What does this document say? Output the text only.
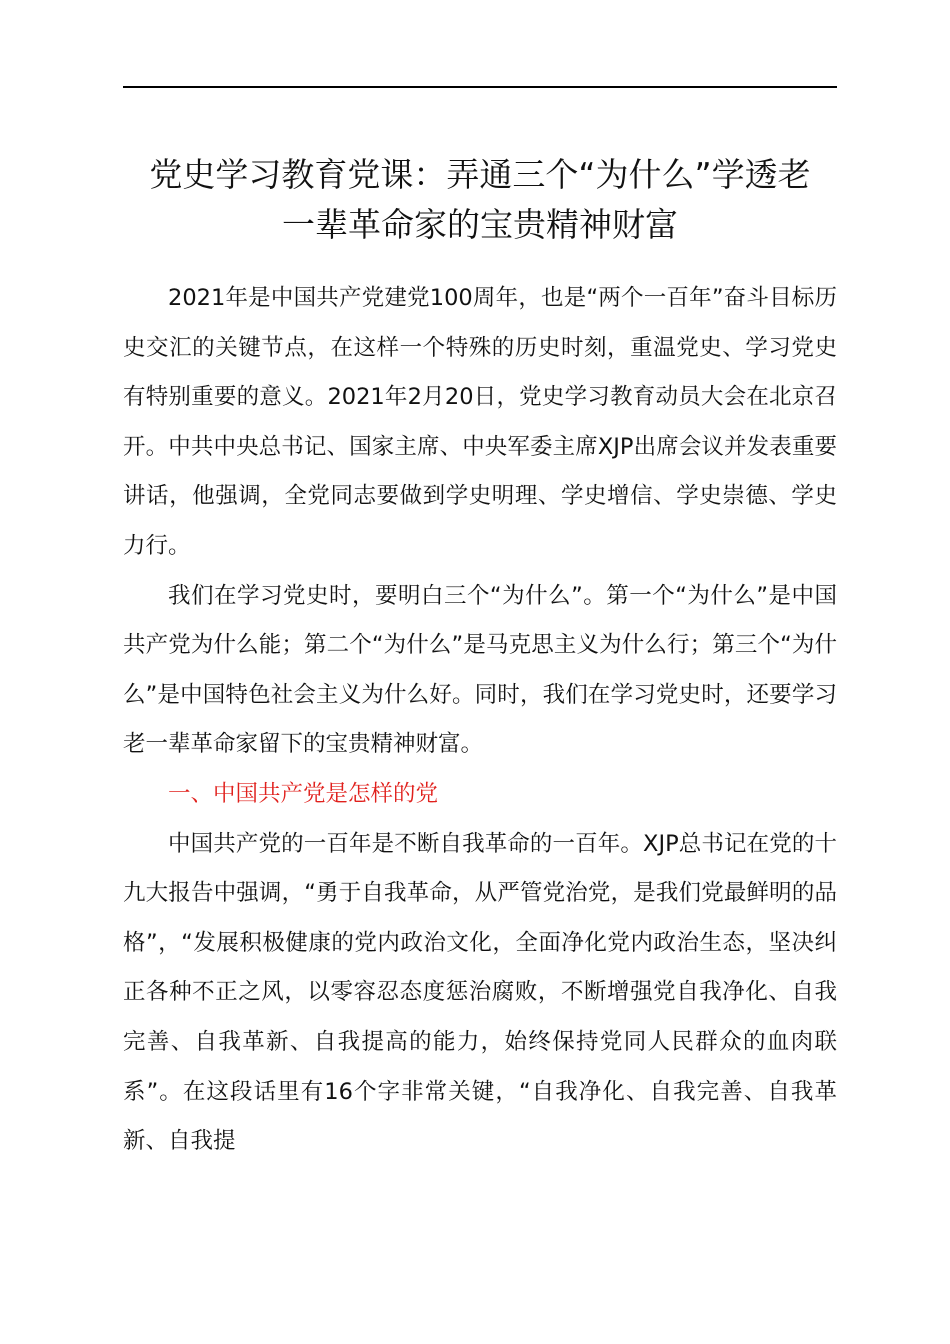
党史学习教育党课：弄通三个“为什么”学透老
一辈革命家的宝贵精神财富

2021年是中国共产党建党100周年，也是“两个一百年”奋斗目标历史交汇的关键节点，在这样一个特殊的历史时刻，重温党史、学习党史有特别重要的意义。2021年2月20日，党史学习教育动员大会在北京召开。中共中央总书记、国家主席、中央军委主席XJP出席会议并发表重要讲话，他强调，全党同志要做到学史明理、学史增信、学史崇德、学史力行。

我们在学习党史时，要明白三个“为什么”。第一个“为什么”是中国共产党为什么能；第二个“为什么”是马克思主义为什么行；第三个“为什么”是中国特色社会主义为什么好。同时，我们在学习党史时，还要学习老一辈革命家留下的宝贵精神财富。

一、中国共产党是怎样的党

中国共产党的一百年是不断自我革命的一百年。XJP总书记在党的十九大报告中强调，“勇于自我革命，从严管党治党，是我们党最鲜明的品格”，“发展积极健康的党内政治文化，全面净化党内政治生态，坚决纠正各种不正之风，以零容忍态度惩治腐败，不断增强党自我净化、自我完善、自我革新、自我提高的能力，始终保持党同人民群众的血肉联系”。在这段话里有16个字非常关键，“自我净化、自我完善、自我革新、自我提
